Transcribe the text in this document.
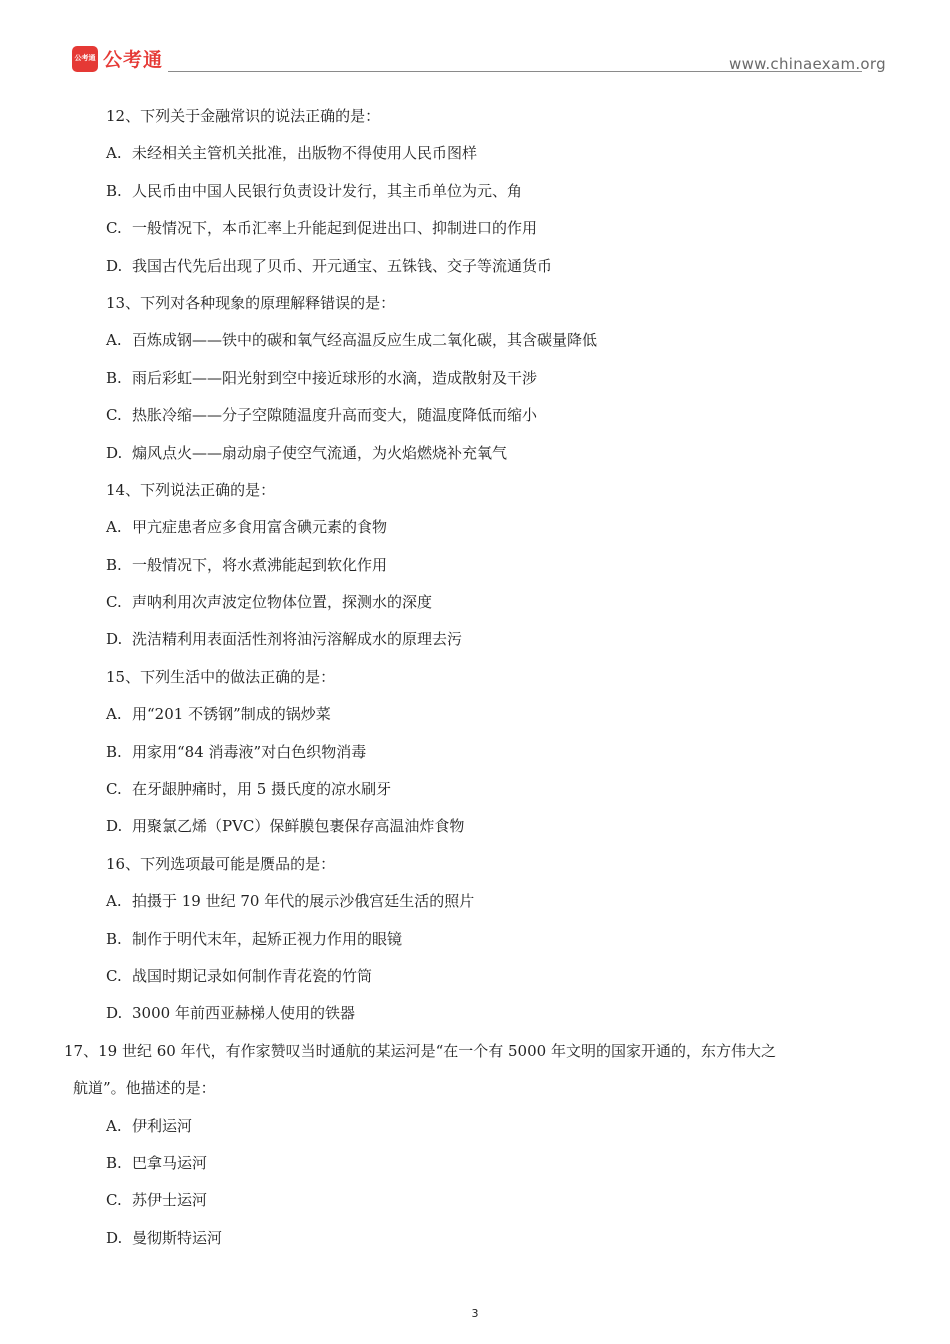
公考通 公考通	www.chinaexam.org
12、下列关于金融常识的说法正确的是：
A. 未经相关主管机关批准，出版物不得使用人民币图样
B. 人民币由中国人民银行负责设计发行，其主币单位为元、角
C. 一般情况下，本币汇率上升能起到促进出口、抑制进口的作用
D. 我国古代先后出现了贝币、开元通宝、五铢钱、交子等流通货币
13、下列对各种现象的原理解释错误的是：
A. 百炼成钢——铁中的碳和氧气经高温反应生成二氧化碳，其含碳量降低
B. 雨后彩虹——阳光射到空中接近球形的水滴，造成散射及干涉
C. 热胀冷缩——分子空隙随温度升高而变大，随温度降低而缩小
D. 煽风点火——扇动扇子使空气流通，为火焰燃烧补充氧气
14、下列说法正确的是：
A. 甲亢症患者应多食用富含碘元素的食物
B. 一般情况下，将水煮沸能起到软化作用
C. 声呐利用次声波定位物体位置，探测水的深度
D. 洗洁精利用表面活性剂将油污溶解成水的原理去污
15、下列生活中的做法正确的是：
A. 用“201 不锈钢”制成的锅炒菜
B. 用家用“84 消毒液”对白色织物消毒
C. 在牙龈肿痛时，用 5 摄氏度的凉水刷牙
D. 用聚氯乙烯（PVC）保鲜膜包裹保存高温油炸食物
16、下列选项最可能是赝品的是：
A. 拍摄于 19 世纪 70 年代的展示沙俄宫廷生活的照片
B. 制作于明代末年，起矫正视力作用的眼镜
C. 战国时期记录如何制作青花瓷的竹筒
D. 3000 年前西亚赫梯人使用的铁器
17、19 世纪 60 年代，有作家赞叹当时通航的某运河是“在一个有 5000 年文明的国家开通的，东方伟大之
航道”。他描述的是：
A. 伊利运河
B. 巴拿马运河
C. 苏伊士运河
D. 曼彻斯特运河
3
